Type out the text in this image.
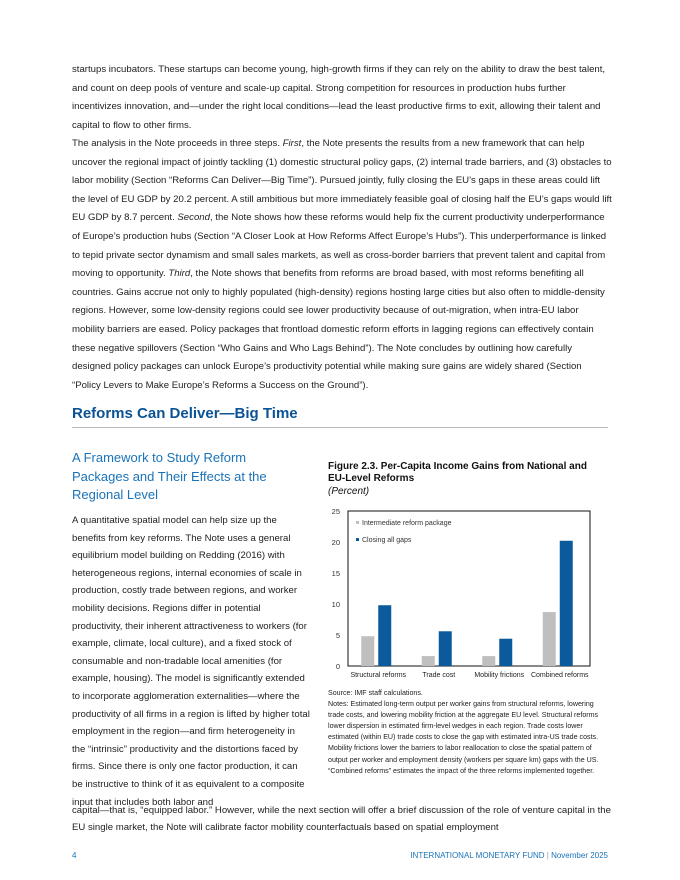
startups incubators. These startups can become young, high-growth firms if they can rely on the ability to draw the best talent, and count on deep pools of venture and scale-up capital. Strong competition for resources in production hubs further incentivizes innovation, and—under the right local conditions—lead the least productive firms to exit, allowing their talent and capital to flow to other firms.
The analysis in the Note proceeds in three steps. First, the Note presents the results from a new framework that can help uncover the regional impact of jointly tackling (1) domestic structural policy gaps, (2) internal trade barriers, and (3) obstacles to labor mobility (Section “Reforms Can Deliver—Big Time”). Pursued jointly, fully closing the EU’s gaps in these areas could lift the level of EU GDP by 20.2 percent. A still ambitious but more immediately feasible goal of closing half the EU’s gaps would lift EU GDP by 8.7 percent. Second, the Note shows how these reforms would help fix the current productivity underperformance of Europe’s production hubs (Section “A Closer Look at How Reforms Affect Europe’s Hubs”). This underperformance is linked to tepid private sector dynamism and small sales markets, as well as cross-border barriers that prevent talent and capital from moving to opportunity. Third, the Note shows that benefits from reforms are broad based, with most reforms benefiting all countries. Gains accrue not only to highly populated (high-density) regions hosting large cities but also often to middle-density regions. However, some low-density regions could see lower productivity because of out-migration, when intra-EU labor mobility barriers are eased. Policy packages that frontload domestic reform efforts in lagging regions can effectively contain these negative spillovers (Section “Who Gains and Who Lags Behind”). The Note concludes by outlining how carefully designed policy packages can unlock Europe’s productivity potential while making sure gains are widely shared (Section “Policy Levers to Make Europe’s Reforms a Success on the Ground”).
Reforms Can Deliver—Big Time
A Framework to Study Reform Packages and Their Effects at the Regional Level
A quantitative spatial model can help size up the benefits from key reforms. The Note uses a general equilibrium model building on Redding (2016) with heterogeneous regions, internal economies of scale in production, costly trade between regions, and worker mobility decisions. Regions differ in potential productivity, their inherent attractiveness to workers (for example, climate, local culture), and a fixed stock of consumable and non-tradable local amenities (for example, housing). The model is significantly extended to incorporate agglomeration externalities—where the productivity of all firms in a region is lifted by higher total employment in the region—and firm heterogeneity in the “intrinsic” productivity and the distortions faced by firms. Since there is only one factor production, it can be instructive to think of it as equivalent to a composite input that includes both labor and
capital—that is, “equipped labor.” However, while the next section will offer a brief discussion of the role of venture capital in the EU single market, the Note will calibrate factor mobility counterfactuals based on spatial employment
Figure 2.3. Per-Capita Income Gains from National and EU-Level Reforms
(Percent)
0
5
10
15
20
25
Structural reforms Trade cost	Mobility frictions Combined reforms
Intermediate reform package
Closing all gaps
Source: IMF staff calculations.
Notes: Estimated long-term output per worker gains from structural reforms, lowering trade costs, and lowering mobility friction at the aggregate EU level. Structural reforms lower dispersion in estimated firm-level wedges in each region. Trade costs lower estimated (within EU) trade costs to close the gap with estimated intra-US trade costs. Mobility frictions lower the barriers to labor reallocation to close the spatial pattern of output per worker and employment density (workers per square km) gaps with the US. “Combined reforms” estimates the impact of the three reforms implemented together.
4	INTERNATIONAL MONETARY FUND | November 2025
